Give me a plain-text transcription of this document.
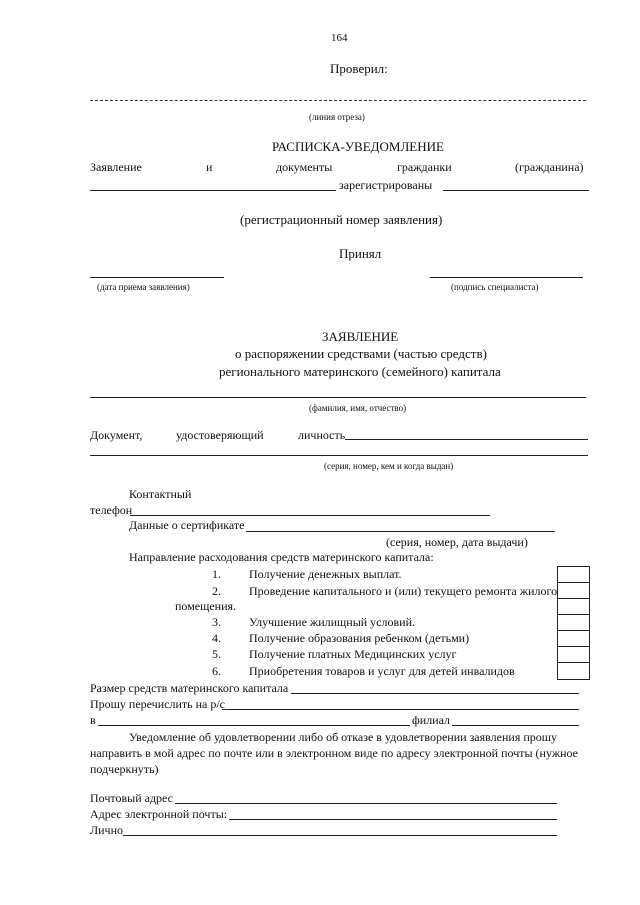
164
Проверил:
(линия отреза)
РАСПИСКА-УВЕДОМЛЕНИЕ
Заявление	и	документы	гражданки	(гражданина)
зарегистрированы
(регистрационный номер заявления)
Принял
(дата приема заявления)	(подпись специалиста)
ЗАЯВЛЕНИЕ
о распоряжении средствами (частью средств)
регионального материнского (семейного) капитала
(фамилия, имя, отчество)
Документ,	удостоверяющий	личность
(серия, номер, кем и когда выдан)
Контактный
телефон
Данные о сертификате
(серия, номер, дата выдачи)
Направление расходования средств материнского капитала:
1. Получение денежных выплат.
2. Проведение капитального и (или) текущего ремонта жилого
помещения.
3. Улучшение жилищный условий.
4. Получение образования ребенком (детьми)
5. Получение платных Медицинских услуг
6. Приобретения товаров и услуг для детей инвалидов
Размер средств материнского капитала
Прошу перечислить на р/с
в	филиал
Уведомление об удовлетворении либо об отказе в удовлетворении заявления прошу
направить в мой адрес по почте или в электронном виде по адресу электронной почты (нужное
подчеркнуть)
Почтовый адрес
Адрес электронной почты:
Лично
